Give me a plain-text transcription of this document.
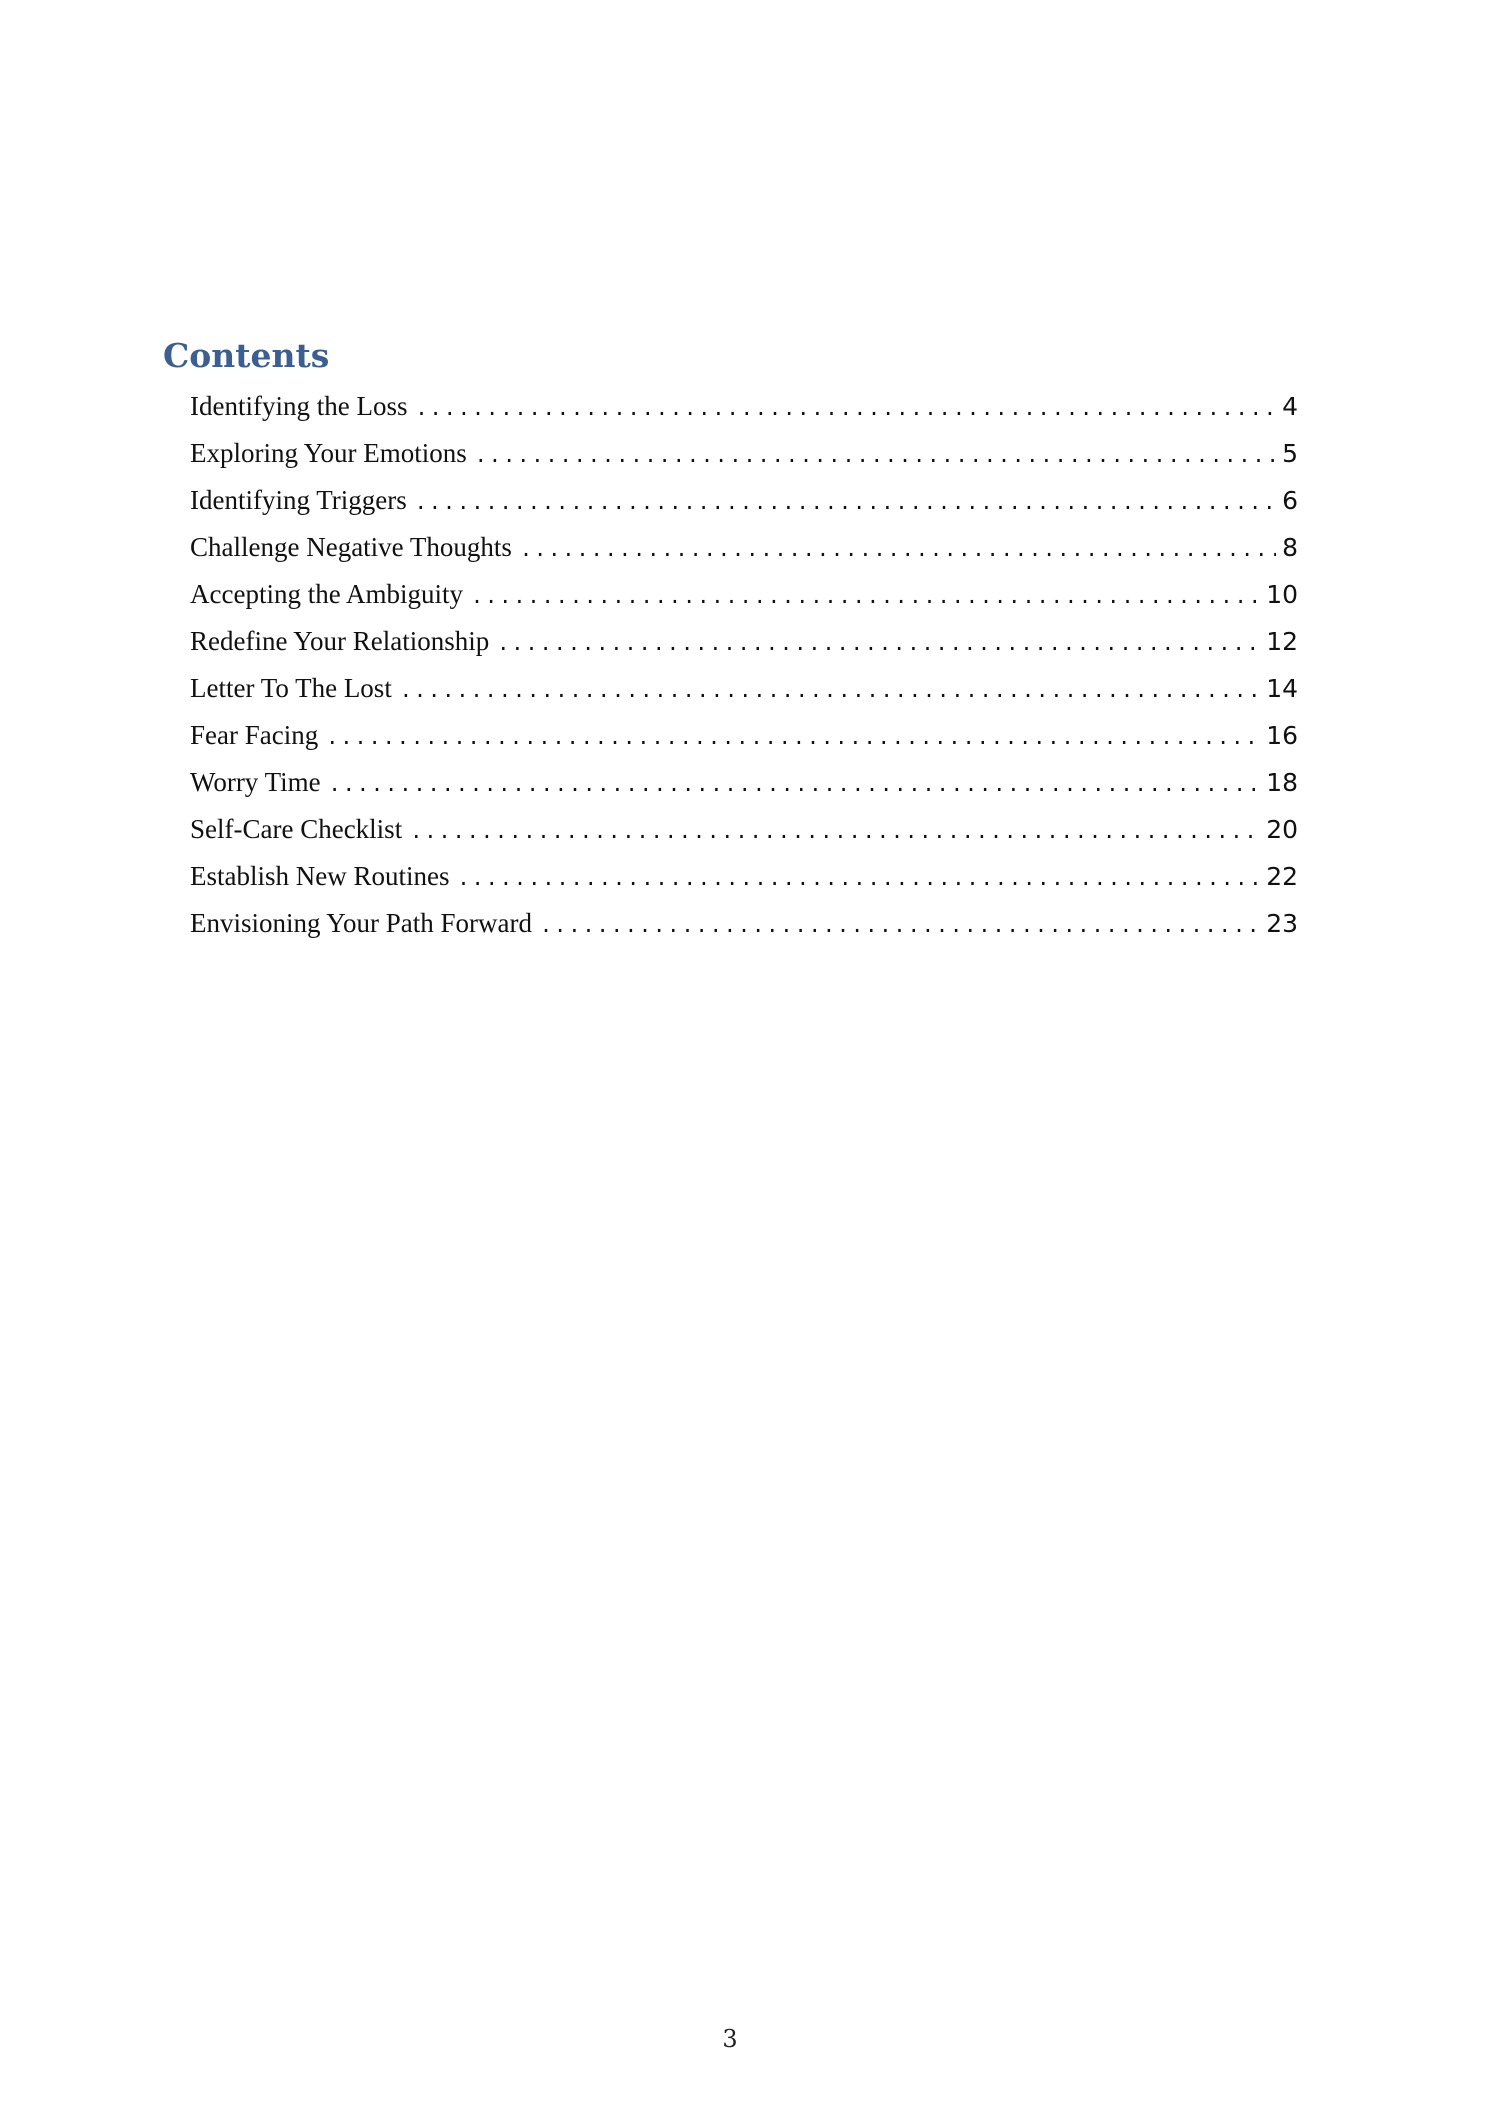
Contents
Identifying the Loss .....	4
Exploring Your Emotions .....	5
Identifying Triggers .....	6
Challenge Negative Thoughts .....	8
Accepting the Ambiguity .....	10
Redefine Your Relationship .....	12
Letter To The Lost .....	14
Fear Facing .....	16
Worry Time .....	18
Self-Care Checklist .....	20
Establish New Routines .....	22
Envisioning Your Path Forward .....	23
3
